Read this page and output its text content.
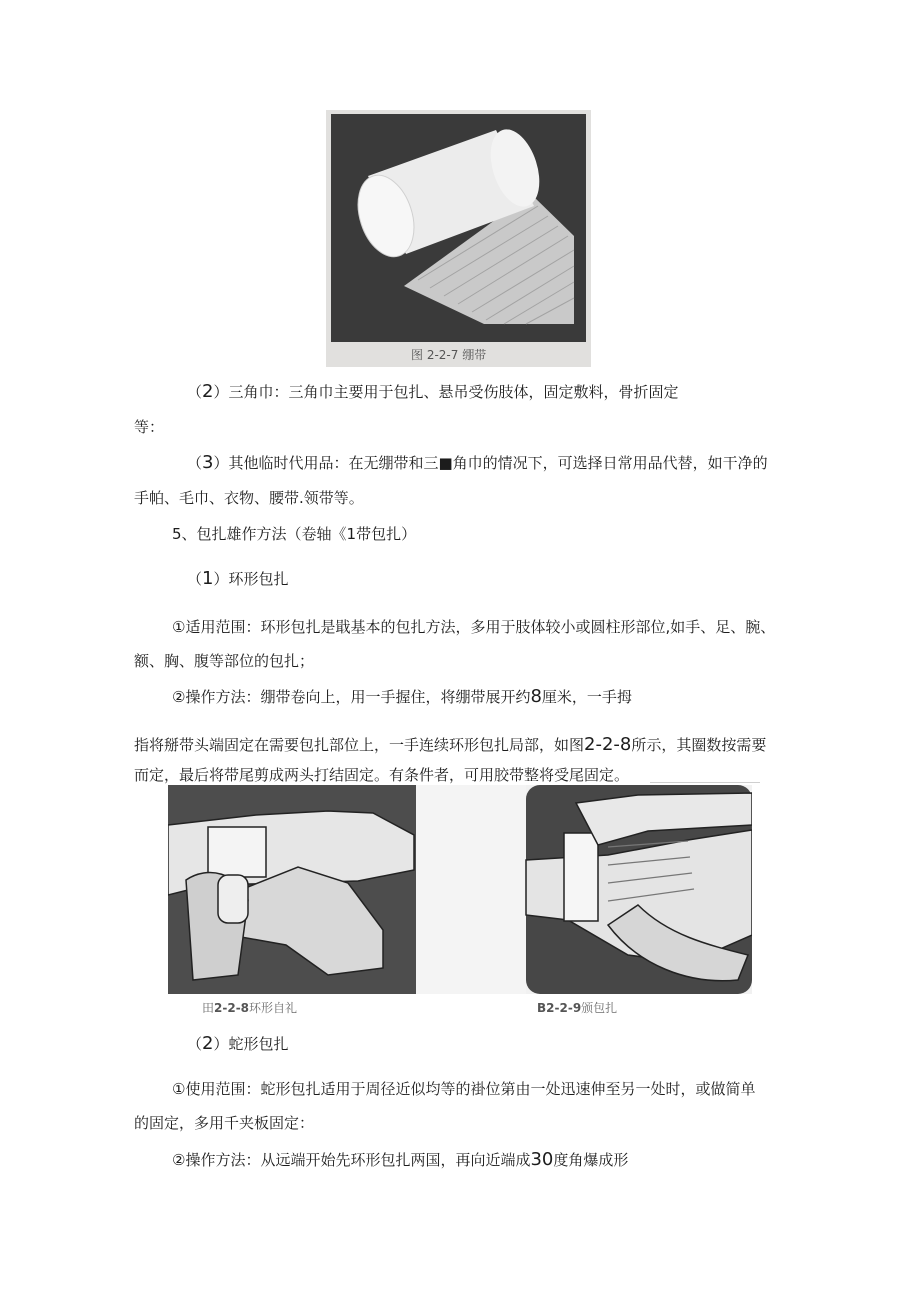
图 2-2-7 绷带
（2）三角巾：三角巾主要用于包扎、悬吊受伤肢体，固定敷料，骨折固定
等：
（3）其他临时代用品：在无绷带和三■角巾的情况下，可选择日常用品代替，如干净的
手帕、毛巾、衣物、腰带.领带等。
5、包扎雄作方法（卷轴《1带包扎）
（1）环形包扎
①适用范围：环形包扎是戢基本的包扎方法，多用于肢体较小或圆柱形部位,如手、足、腕、
额、胸、腹等部位的包扎；
②操作方法：绷带卷向上，用一手握住，将绷带展开约8厘米，一手拇
指将掰带头端固定在需要包扎部位上，一手连续环形包扎局部，如图2-2-8所示，其圈数按需要
而定，最后将带尾剪成两头打结固定。有条件者，可用胶带整将受尾固定。
田2-2-8环形自礼	B2-2-9颁包扎
（2）蛇形包扎
①使用范围：蛇形包扎适用于周径近似均等的褂位第由一处迅速伸至另一处时，或做简单
的固定，多用千夹板固定：
②操作方法：从远端开始先环形包扎两国，再向近端成30度角爆成形
